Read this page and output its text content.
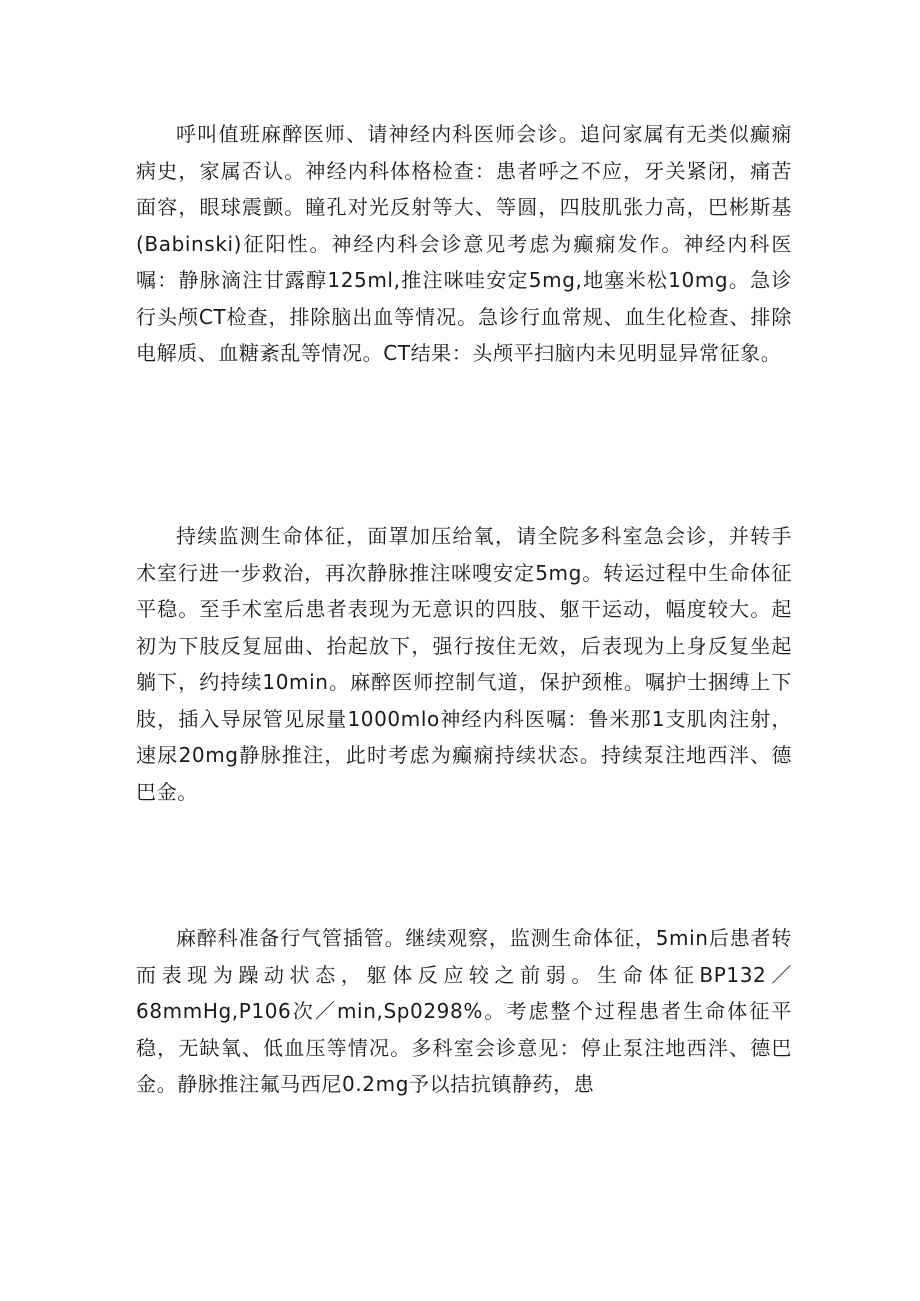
呼叫值班麻醉医师、请神经内科医师会诊。追问家属有无类似癫痫病史，家属否认。神经内科体格检查：患者呼之不应，牙关紧闭，痛苦面容，眼球震颤。瞳孔对光反射等大、等圆，四肢肌张力高，巴彬斯基(Babinski)征阳性。神经内科会诊意见考虑为癫痫发作。神经内科医嘱：静脉滴注甘露醇125ml,推注咪哇安定5mg,地塞米松10mg。急诊行头颅CT检查，排除脑出血等情况。急诊行血常规、血生化检查、排除电解质、血糖紊乱等情况。CT结果：头颅平扫脑内未见明显异常征象。

持续监测生命体征，面罩加压给氧，请全院多科室急会诊，并转手术室行进一步救治，再次静脉推注咪嗖安定5mg。转运过程中生命体征平稳。至手术室后患者表现为无意识的四肢、躯干运动，幅度较大。起初为下肢反复屈曲、抬起放下，强行按住无效，后表现为上身反复坐起躺下，约持续10min。麻醉医师控制气道，保护颈椎。嘱护士捆缚上下肢，插入导尿管见尿量1000mlo神经内科医嘱：鲁米那1支肌肉注射，速尿20mg静脉推注，此时考虑为癫痫持续状态。持续泵注地西泮、德巴金。

麻醉科准备行气管插管。继续观察，监测生命体征，5min后患者转而表现为躁动状态，躯体反应较之前弱。生命体征BP132／68mmHg,P106次／min,Sp0298%。考虑整个过程患者生命体征平稳，无缺氧、低血压等情况。多科室会诊意见：停止泵注地西泮、德巴金。静脉推注氟马西尼0.2mg予以拮抗镇静药，患
